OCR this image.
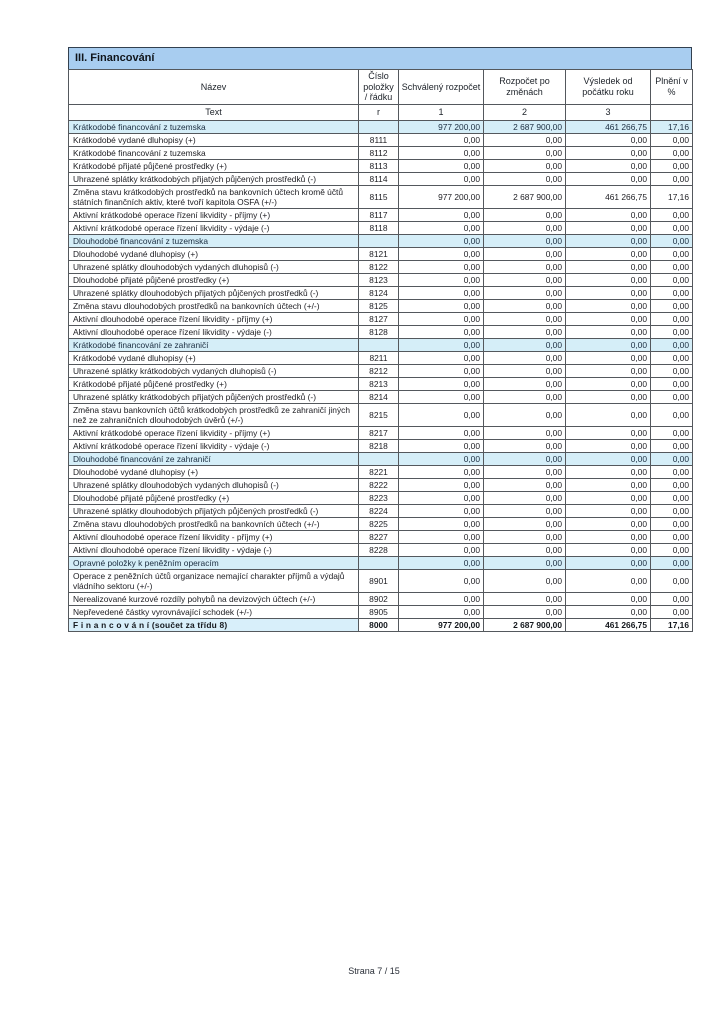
III. Financování
Název	Číslo položky / řádku	Schválený rozpočet	Rozpočet po změnách	Výsledek od počátku roku	Plnění v %
Text	r	1	2	3	
Krátkodobé financování z tuzemska		977 200,00	2 687 900,00	461 266,75	17,16
Krátkodobé vydané dluhopisy (+)	8111	0,00	0,00	0,00	0,00
Krátkodobé financování z tuzemska	8112	0,00	0,00	0,00	0,00
Krátkodobé přijaté půjčené prostředky (+)	8113	0,00	0,00	0,00	0,00
Uhrazené splátky krátkodobých přijatých půjčených prostředků (-)	8114	0,00	0,00	0,00	0,00
Změna stavu krátkodobých prostředků na bankovních účtech kromě účtů státních finančních aktiv, které tvoří kapitola OSFA (+/-)	8115	977 200,00	2 687 900,00	461 266,75	17,16
Aktivní krátkodobé operace řízení likvidity - příjmy (+)	8117	0,00	0,00	0,00	0,00
Aktivní krátkodobé operace řízení likvidity - výdaje (-)	8118	0,00	0,00	0,00	0,00
Dlouhodobé financování z tuzemska		0,00	0,00	0,00	0,00
Dlouhodobé vydané dluhopisy (+)	8121	0,00	0,00	0,00	0,00
Uhrazené splátky dlouhodobých vydaných dluhopisů (-)	8122	0,00	0,00	0,00	0,00
Dlouhodobé přijaté půjčené prostředky (+)	8123	0,00	0,00	0,00	0,00
Uhrazené splátky dlouhodobých přijatých půjčených prostředků (-)	8124	0,00	0,00	0,00	0,00
Změna stavu dlouhodobých prostředků na bankovních účtech (+/-)	8125	0,00	0,00	0,00	0,00
Aktivní dlouhodobé operace řízení likvidity - příjmy (+)	8127	0,00	0,00	0,00	0,00
Aktivní dlouhodobé operace řízení likvidity - výdaje (-)	8128	0,00	0,00	0,00	0,00
Krátkodobé financování ze zahraničí		0,00	0,00	0,00	0,00
Krátkodobé vydané dluhopisy (+)	8211	0,00	0,00	0,00	0,00
Uhrazené splátky krátkodobých vydaných dluhopisů (-)	8212	0,00	0,00	0,00	0,00
Krátkodobé přijaté půjčené prostředky (+)	8213	0,00	0,00	0,00	0,00
Uhrazené splátky krátkodobých přijatých půjčených prostředků (-)	8214	0,00	0,00	0,00	0,00
Změna stavu bankovních účtů krátkodobých prostředků ze zahraničí jiných než ze zahraničních dlouhodobých úvěrů (+/-)	8215	0,00	0,00	0,00	0,00
Aktivní krátkodobé operace řízení likvidity - příjmy (+)	8217	0,00	0,00	0,00	0,00
Aktivní krátkodobé operace řízení likvidity - výdaje (-)	8218	0,00	0,00	0,00	0,00
Dlouhodobé financování ze zahraničí		0,00	0,00	0,00	0,00
Dlouhodobé vydané dluhopisy (+)	8221	0,00	0,00	0,00	0,00
Uhrazené splátky dlouhodobých vydaných dluhopisů (-)	8222	0,00	0,00	0,00	0,00
Dlouhodobé přijaté půjčené prostředky (+)	8223	0,00	0,00	0,00	0,00
Uhrazené splátky dlouhodobých přijatých půjčených prostředků (-)	8224	0,00	0,00	0,00	0,00
Změna stavu dlouhodobých prostředků na bankovních účtech (+/-)	8225	0,00	0,00	0,00	0,00
Aktivní dlouhodobé operace řízení likvidity - příjmy (+)	8227	0,00	0,00	0,00	0,00
Aktivní dlouhodobé operace řízení likvidity - výdaje (-)	8228	0,00	0,00	0,00	0,00
Opravné položky k peněžním operacím		0,00	0,00	0,00	0,00
Operace z peněžních účtů organizace nemající charakter příjmů a výdajů vládního sektoru (+/-)	8901	0,00	0,00	0,00	0,00
Nerealizované kurzové rozdíly pohybů na devizových účtech (+/-)	8902	0,00	0,00	0,00	0,00
Nepřevedené částky vyrovnávající schodek (+/-)	8905	0,00	0,00	0,00	0,00
F i n a n c o v á n í (součet za třídu 8)	8000	977 200,00	2 687 900,00	461 266,75	17,16
Strana 7 / 15
